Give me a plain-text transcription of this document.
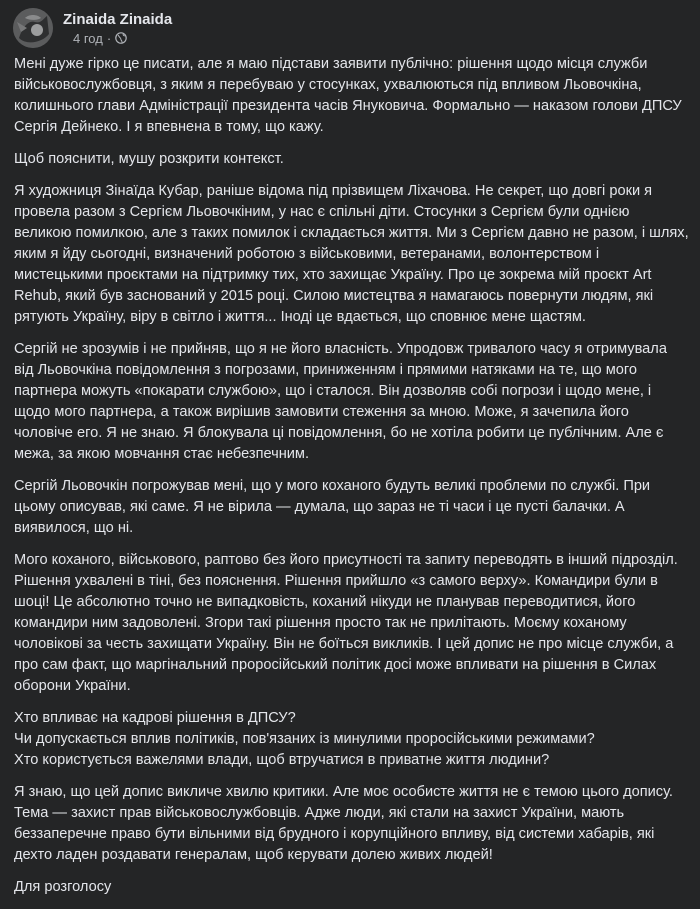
Zinaida Zinaida
4 год ·

Мені дуже гірко це писати, але я маю підстави заявити публічно: рішення щодо місця служби військовослужбовця, з яким я перебуваю у стосунках, ухвалюються під впливом Льовочкіна, колишнього глави Адміністрації президента часів Януковича. Формально — наказом голови ДПСУ Сергія Дейнеко. І я впевнена в тому, що кажу.

Щоб пояснити, мушу розкрити контекст.

Я художниця Зінаїда Кубар, раніше відома під прізвищем Ліхачова. Не секрет, що довгі роки я провела разом з Сергієм Льовочкіним, у нас є спільні діти. Стосунки з Сергієм були однією великою помилкою, але з таких помилок і складається життя. Ми з Сергієм давно не разом, і шлях, яким я йду сьогодні, визначений роботою з військовими, ветеранами, волонтерством і мистецькими проєктами на підтримку тих, хто захищає Україну. Про це зокрема мій проєкт Art Rehub, який був заснований у 2015 році. Силою мистецтва я намагаюсь повернути людям, які рятують Україну, віру в світло і життя... Іноді це вдається, що сповнює мене щастям.

Сергій не зрозумів і не прийняв, що я не його власність. Упродовж тривалого часу я отримувала від Льовочкіна повідомлення з погрозами, приниженням і прямими натяками на те, що мого партнера можуть «покарати службою», що і сталося. Він дозволяв собі погрози і щодо мене, і щодо мого партнера, а також вирішив замовити стеження за мною. Може, я зачепила його чоловіче его. Я не знаю. Я блокувала ці повідомлення, бо не хотіла робити це публічним. Але є межа, за якою мовчання стає небезпечним.

Сергій Льовочкін погрожував мені, що у мого коханого будуть великі проблеми по службі. При цьому описував, які саме. Я не вірила — думала, що зараз не ті часи і це пусті балачки. А виявилося, що ні.

Мого коханого, військового, раптово без його присутності та запиту переводять в інший підрозділ. Рішення ухвалені в тіні, без пояснення. Рішення прийшло «з самого верху». Командири були в шоці! Це абсолютно точно не випадковість, коханий нікуди не планував переводитися, його командири ним задоволені. Згори такі рішення просто так не прилітають. Моєму коханому чоловікові за честь захищати Україну. Він не боїться викликів. І цей допис не про місце служби, а про сам факт, що маргінальний проросійський політик досі може впливати на рішення в Силах оборони України.

Хто впливає на кадрові рішення в ДПСУ?
Чи допускається вплив політиків, пов'язаних із минулими проросійськими режимами?
Хто користується важелями влади, щоб втручатися в приватне життя людини?

Я знаю, що цей допис викличе хвилю критики. Але моє особисте життя не є темою цього допису. Тема — захист прав військовослужбовців. Адже люди, які стали на захист України, мають беззаперечне право бути вільними від брудного і корупційного впливу, від системи хабарів, які дехто ладен роздавати генералам, щоб керувати долею живих людей!

Для розголосу
